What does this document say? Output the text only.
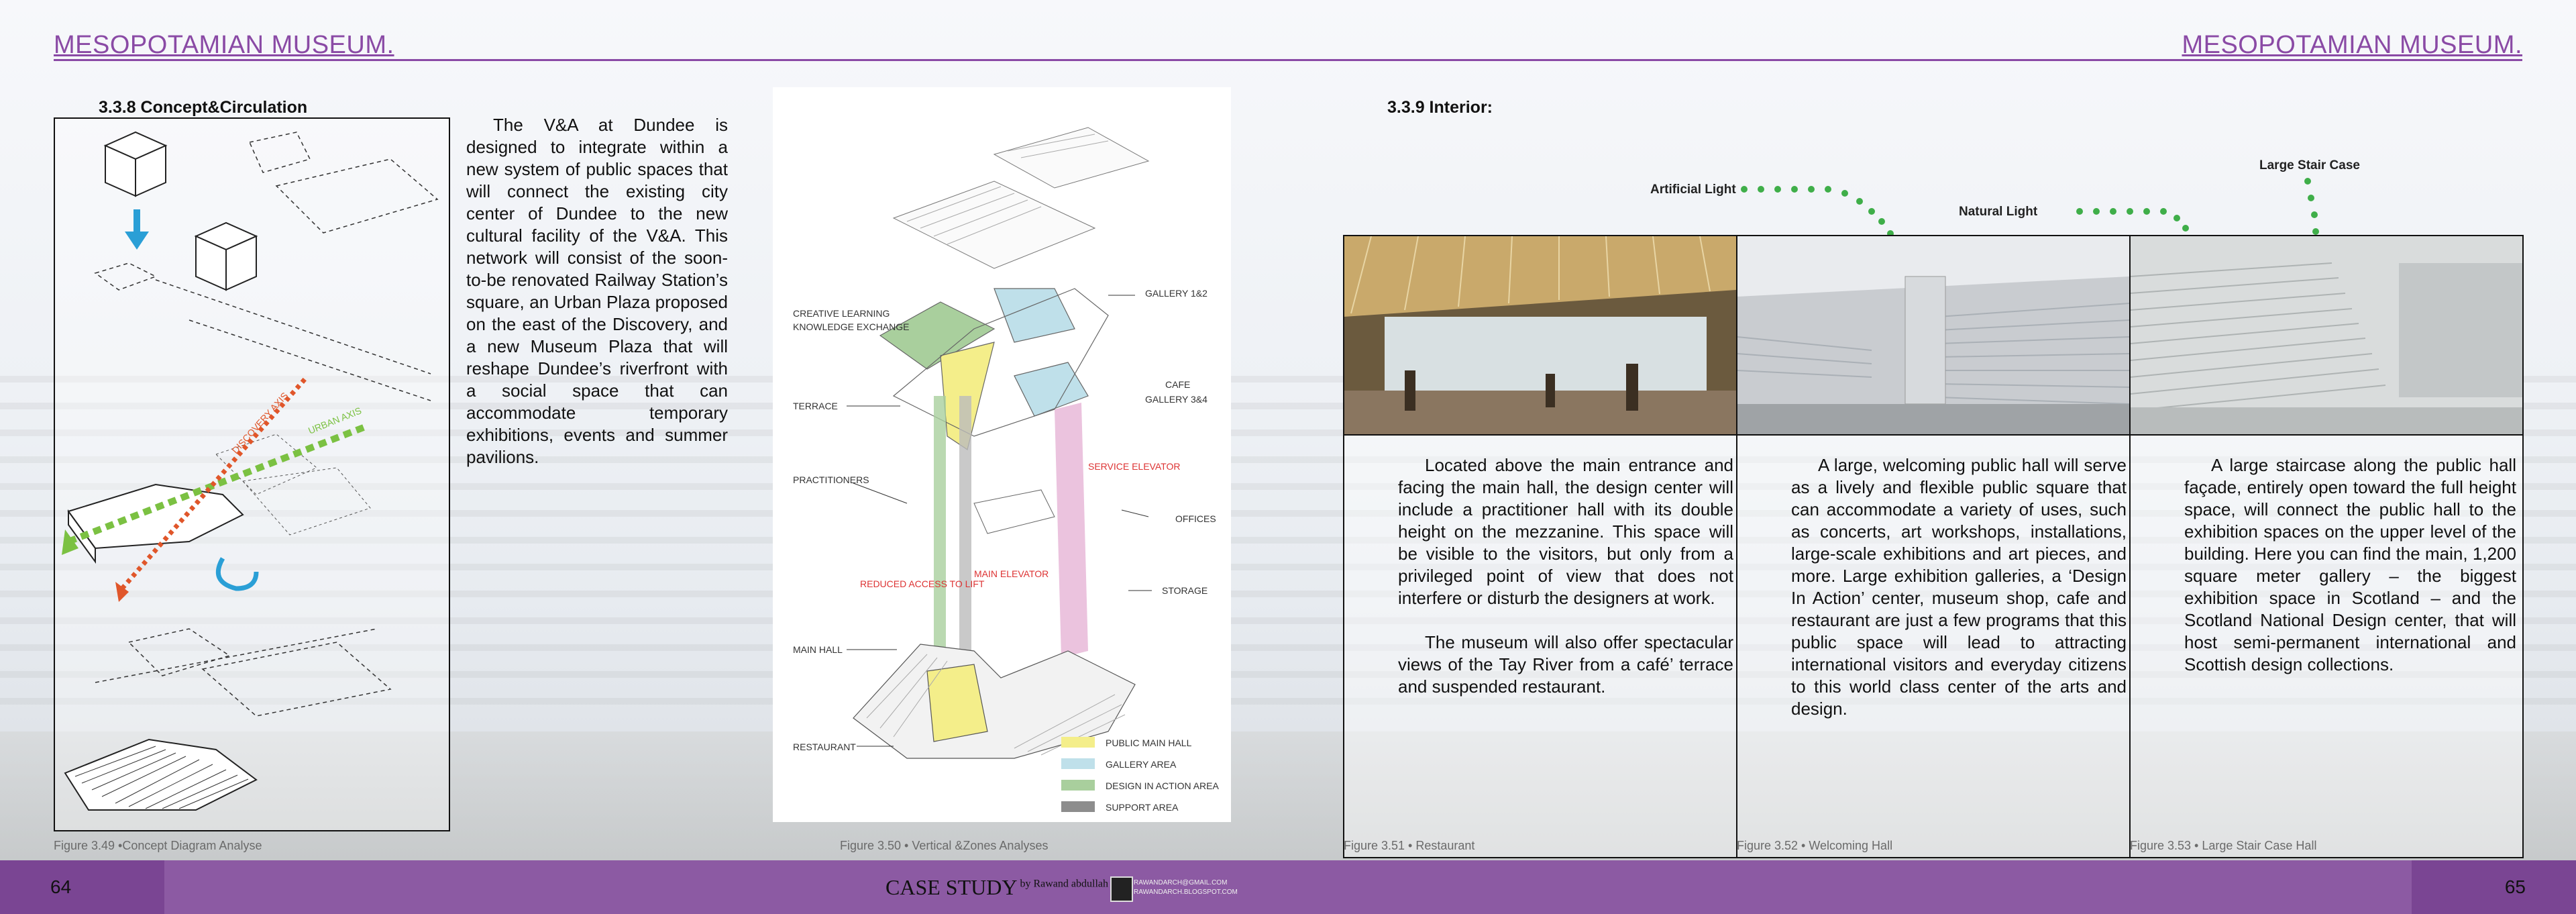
MESOPOTAMIAN MUSEUM.	MESOPOTAMIAN MUSEUM.
3.3.8 Concept&Circulation
URBAN AXIS
DISCOVERY AXIS
Figure 3.49 •Concept Diagram Analyse

The V&A at Dundee is designed to integrate within a new system of public spaces that will connect the existing city center of Dundee to the new cultural facility of the V&A. This network will consist of the soon-to-be renovated Railway Station’s square, an Urban Plaza proposed on the east of the Discovery, and a new Museum Plaza that will reshape Dundee’s riverfront with a social space that can accommodate temporary exhibitions, events and summer pavilions.

CREATIVE LEARNING
KNOWLEDGE EXCHANGE
TERRACE
PRACTITIONERS
MAIN HALL
RESTAURANT
GALLERY 1&2
CAFE
GALLERY 3&4
OFFICES
STORAGE
SERVICE ELEVATOR
MAIN ELEVATOR
REDUCED ACCESS TO LIFT
PUBLIC MAIN HALL
GALLERY AREA
DESIGN IN ACTION AREA
SUPPORT AREA
Figure 3.50 • Vertical &Zones Analyses
3.3.9 Interior:
Artificial Light
Natural Light
Large Stair Case

Located above the main entrance and facing the main hall, the design center will include a practitioner hall with its double height on the mezzanine. This space will be visible to the visitors, but only from a privileged point of view that does not interfere or disturb the designers at work.

The museum will also offer spectacular views of the Tay River from a café’ terrace and suspended restaurant.

A large, welcoming public hall will serve as a lively and flexible public square that can accommodate a variety of uses, such as concerts, art workshops, installations, large-scale exhibitions and art pieces, and more. Large exhibition galleries, a ‘Design In Action’ center, museum shop, cafe and restaurant are just a few programs that this public space will lead to attracting international visitors and everyday citizens to this world class center of the arts and design.

A large staircase along the public hall façade, entirely open toward the full height space, will connect the public hall to the exhibition spaces on the upper level of the building. Here you can find the main, 1,200 square meter gallery – the biggest exhibition space in Scotland – and the Scotland National Design center, that will host semi-permanent international and Scottish design collections.

Figure 3.51 • Restaurant	Figure 3.52 • Welcoming Hall	Figure 3.53 • Large Stair Case Hall
64	65
CASE STUDY $^{by Rawand abdullah}$	RAWANDARCH@GMAIL.COM
RAWANDARCH.BLOGSPOT.COM
